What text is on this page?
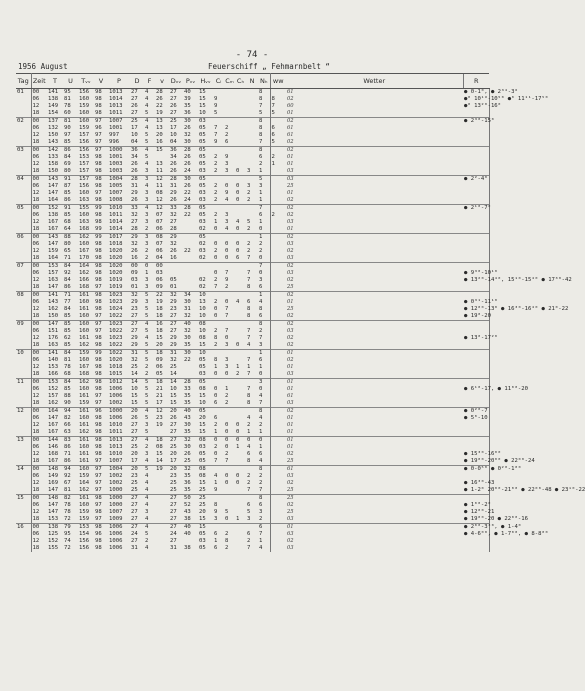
- 74 -
1956 August	Feuerschiff „ Fehmarnbelt “
Tag	Zeit	T	U	Tᵥᵥ	V	P	D	F	v	Dᵥᵥ	Pᵥᵥ	Hᵥᵥ	Cₗ	Cₘ	Cₕ	N	Nₕ	ww	Wetter	R	
01	00	141	95	156	98	1013	27	4	28	27	40	15					8		61	● 0-1⁰, ● 2³⁴-3⁶	
	06	138	81	160	98	1014	27	4	26	27	39	15	9				8	8	02	●⁰ 10¹°-10⁵⁰ ●⁰ 11¹¹-17⁵⁰	
	12	149	78	159	98	1013	26	4	22	26	35	15	9				7	7	60	●⁰ 13²⁰-16⁰	
	18	154	60	160	98	1011	27	5	19	27	36	10	5				5	5	01		
02	00	137	81	160	97	1007	25	4	13	25	30	03					8		02	● 2³⁰-15⁰	
	06	132	90	159	96	1001	17	4	13	17	26	05	7	2			8	6	61		
	12	150	97	157	97	997	10	5	20	10	32	05	7	2			8	6	61		
	18	143	85	156	97	996	04	5	16	04	30	05	9	6			7	5	02		
03	00	142	86	156	97	1000	36	4	15	36	28	05					8		02		
	06	133	84	153	98	1001	34	5		34	26	05	2	9			6	2	01		
	12	158	69	157	98	1003	26	4	13	26	26	05	2	3			2	1	01		
	18	150	80	157	98	1003	26	3	11	26	24	03	2	3	0	3	1		03		
04	00	143	91	157	98	1004	28	3	12	28	30	05					5		03	● 2²-4⁰	
	06	147	87	156	98	1005	31	4	11	31	26	05	2	0	0	3	3		25		
	12	147	85	160	97	1007	29	3	08	29	22	03	2	9	0	2	1		01		
	18	164	86	163	98	1008	26	3	12	26	24	03	2	4	0	2	1		02		
05	00	152	91	155	99	1010	33	4	12	33	28	05					7		02	● 2¹⁰-7⁰	
	06	138	85	160	98	1011	32	3	07	32	22	05	2	3			6	2	02		
	12	167	68	163	98	1014	27	3	07	27		03	1	3	4	5	1		03		
	18	167	64	168	99	1014	28	2	06	28		02	0	4	0	2	0		01		
06	00	143	88	162	99	1017	29	3	08	29		05					1		02		
	06	147	80	160	98	1018	32	3	07	32		02	0	0	0	2	2		03		
	12	159	65	167	98	1020	26	2	06	26	22	03	2	0	0	2	2		02		
	18	164	71	170	98	1020	16	2	04	16		02	0	0	6	7	0		03		
07	00	153	84	164	98	1020	00	0	00								7		02		
	06	157	92	162	98	1020	09	1	03				0	7		7	0		03	● 9³⁰-10¹⁰	
	12	163	84	166	98	1019	03	3	06	05		02	2	9		7	3		02	● 13²⁰-14⁴⁰, 15¹⁰-15⁴⁰ ● 17³⁰-42	
	18	147	86	168	97	1019	01	3	09	01		02	7	2		8	6		25		
08	00	141	71	161	98	1023	32	5	22	32	34	10					1		02		
	06	143	77	160	98	1023	29	3	19	29	30	13	2	0	4	6	4		01	● 0³¹-11¹⁰	
	12	162	84	161	98	1024	23	5	18	23	31	10	0	7		8	8		25	● 12⁰⁰-13⁰ ● 16³⁰-16⁴⁰ ● 21⁰-22	
	18	150	85	160	97	1022	27	5	18	27	32	10	0	7		8	6		02	● 19⁰-20	
09	00	147	85	160	97	1023	27	4	16	27	40	08					8		02		
	06	151	85	160	97	1022	27	5	18	27	32	10	2	7		7	2		03		
	12	176	62	161	98	1023	29	4	15	29	30	08	8	0		7	7		02	● 13⁰-17²⁰	
	18	163	85	162	98	1022	29	5	20	29	35	15	2	3	0	4	3		02		
10	00	141	84	159	99	1022	31	5	18	31	30	10					1		01		
	06	140	81	160	98	1020	32	5	09	32	22	05	8	3		7	6		02		
	12	153	78	167	98	1018	25	2	06	25		05	1	3	1	1	1		01		
	18	166	68	168	98	1015	14	2	05	14		03	0	0	2	7	0		03		
11	00	153	84	162	98	1012	14	5	18	14	28	05					3		01		
	06	152	85	160	98	1006	10	5	21	10	33	08	0	1		7	0		01	● 6¹⁰-17, ● 11⁰⁰-20	
	12	157	88	161	97	1006	15	5	21	15	35	15	0	2		8	4		61		
	18	162	90	159	97	1002	15	5	17	15	35	10	6	2		8	7		03		
12	00	164	94	161	96	1000	20	4	12	20	40	05					8		02	● 0²⁰-7	
	06	147	82	160	98	1006	26	5	23	26	43	20	6			4	4		01	● 5⁰-10	
	12	167	66	161	98	1010	27	3	19	27	30	15	2	0	0	2	2		01		
	18	167	63	162	98	1011	27	5		27	35	15	1	0	0	1	1		01		
13	00	144	83	161	98	1013	27	4	18	27	32	08	0	0	0	0	0		01		
	06	146	86	160	98	1013	25	2	08	25	30	03	2	0	1	4	1		01		
	12	168	71	161	98	1010	20	3	15	20	26	05	0	2		6	6		02	● 15³⁰-16⁰⁰	
	18	167	86	161	97	1007	17	4	14	17	25	05	7	7		8	4		25	● 19⁰⁰-20⁰⁰ ● 22⁰⁰-24	
14	00	148	94	160	97	1004	20	5	19	20	32	08					8		61	● 0-0⁵⁰ ● 0²⁰-1⁰⁰	
	06	149	92	159	97	1002	23	4		23	35	08	4	0	0	2	2		03		
	12	169	67	164	97	1002	25	4		25	36	15	1	0	0	2	2		02	● 16³⁰-43	
	18	147	81	162	97	1000	25	4		25	35	25	9			7	7		25	● 1-2⁰ 20⁰⁰-21⁰⁰ ● 22⁰⁰-48 ● 23¹⁰-22	
15	00	148	82	161	98	1000	27	4		27	50	25					8		25		
	06	147	78	160	97	1000	27	4		27	52	25	8			6	6		02	● 1⁰⁰-2⁰	
	12	147	78	159	98	1007	27	3		27	43	20	9	5		5	3		25	● 12⁰⁰-21	
	18	153	72	159	97	1009	27	4		27	38	15	3	0	1	3	2		03	● 19⁰⁰-20 ● 22⁰⁰-16	
16	00	138	79	153	98	1006	27	4		27	40	15					6		01	● 2⁰⁰-3³⁰, ● 1-4⁰	
	06	125	95	154	96	1006	24	5		24	40	05	6	2		6	7		63	● 4-6⁰⁰, ● 1-7⁰⁰, ● 8-8⁰⁰	
	12	152	74	156	98	1006	27	2		27		03	1	8		2	1		02		
	18	155	72	156	98	1006	31	4		31	38	05	6	2		7	4		03		
